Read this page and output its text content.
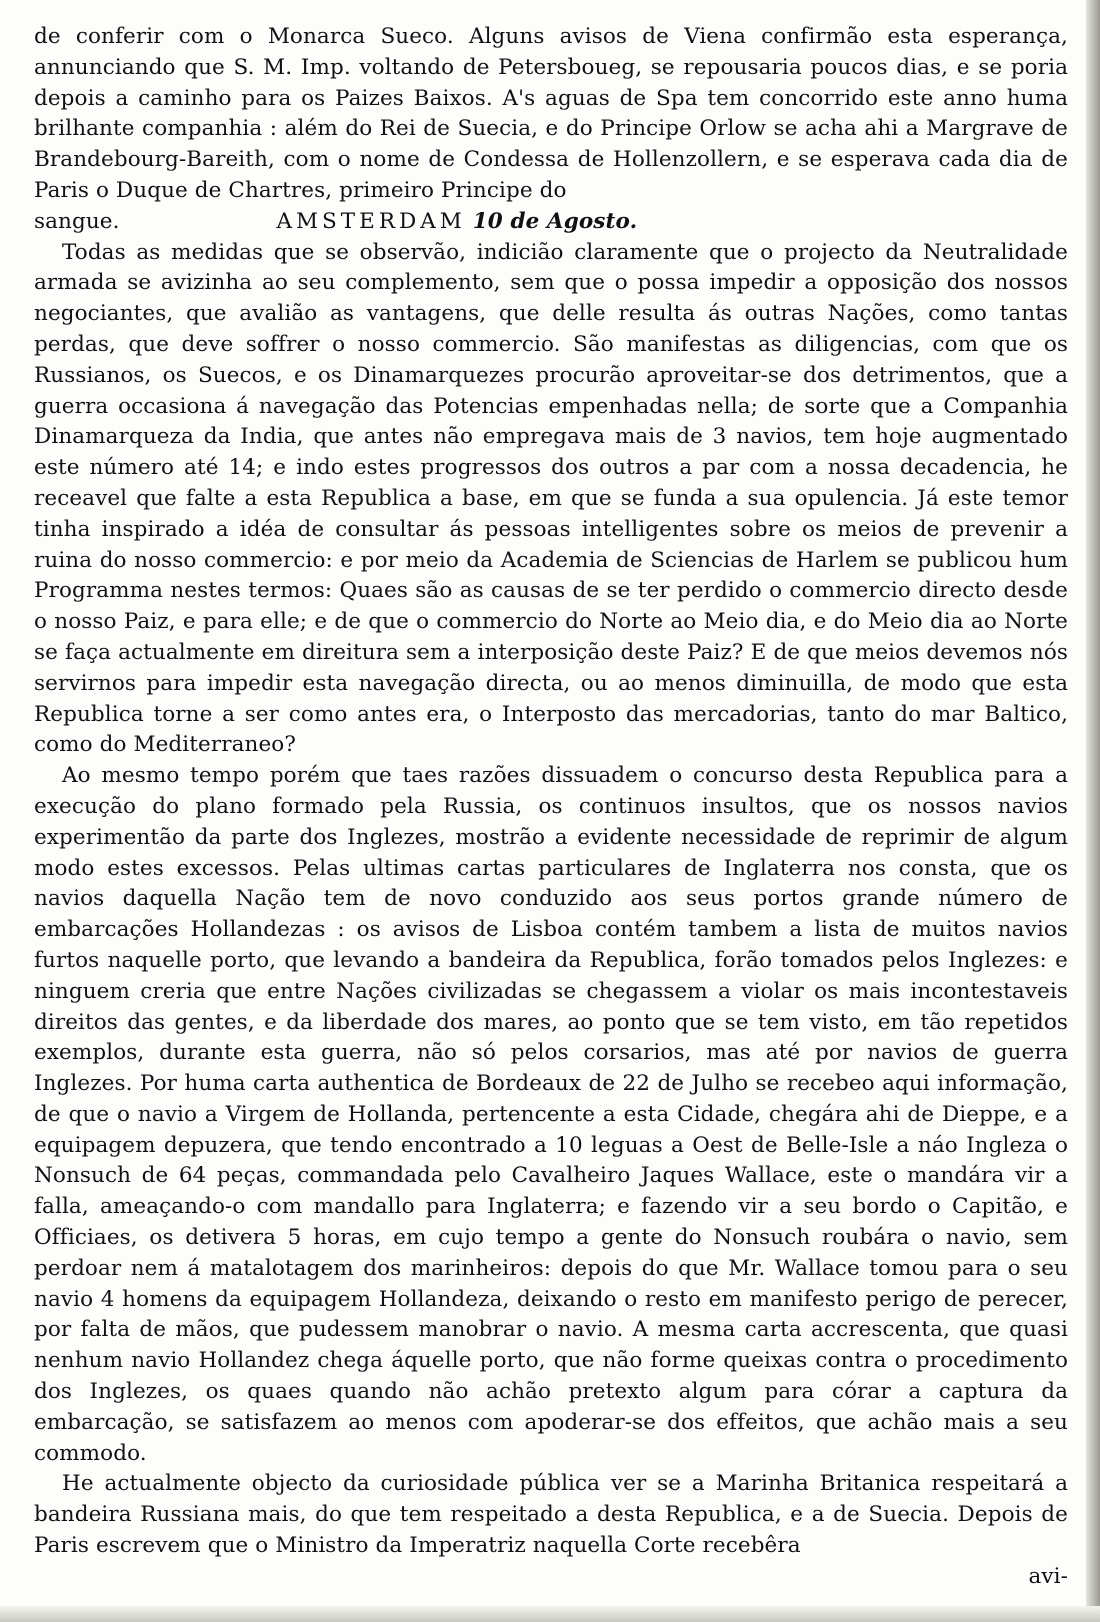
de conferir com o Monarca Sueco. Alguns avisos de Viena confirmão esta esperança, annunciando que S. M. Imp. voltando de Petersboueg, se repousaria poucos dias, e se poria depois a caminho para os Paizes Baixos. A's aguas de Spa tem concorrido este anno huma brilhante companhia : além do Rei de Suecia, e do Principe Orlow se acha ahi a Margrave de Brandebourg-Bareith, com o nome de Condessa de Hollenzollern, e se esperava cada dia de Paris o Duque de Chartres, primeiro Principe do

sangue.	AMSTERDAM 10 de Agosto.

Todas as medidas que se observão, indicião claramente que o projecto da Neutralidade armada se avizinha ao seu complemento, sem que o possa impedir a opposição dos nossos negociantes, que avalião as vantagens, que delle resulta ás outras Nações, como tantas perdas, que deve soffrer o nosso commercio. São manifestas as diligencias, com que os Russianos, os Suecos, e os Dinamarquezes procurão aproveitar-se dos detrimentos, que a guerra occasiona á navegação das Potencias empenhadas nella; de sorte que a Companhia Dinamarqueza da India, que antes não empregava mais de 3 navios, tem hoje augmentado este número até 14; e indo estes progressos dos outros a par com a nossa decadencia, he receavel que falte a esta Republica a base, em que se funda a sua opulencia. Já este temor tinha inspirado a idéa de consultar ás pessoas intelligentes sobre os meios de prevenir a ruina do nosso commercio: e por meio da Academia de Sciencias de Harlem se publicou hum Programma nestes termos: Quaes são as causas de se ter perdido o commercio directo desde o nosso Paiz, e para elle; e de que o commercio do Norte ao Meio dia, e do Meio dia ao Norte se faça actualmente em direitura sem a interposição deste Paiz? E de que meios devemos nós servirnos para impedir esta navegação directa, ou ao menos diminuilla, de modo que esta Republica torne a ser como antes era, o Interposto das mercadorias, tanto do mar Baltico, como do Mediterraneo?

Ao mesmo tempo porém que taes razões dissuadem o concurso desta Republica para a execução do plano formado pela Russia, os continuos insultos, que os nossos navios experimentão da parte dos Inglezes, mostrão a evidente necessidade de reprimir de algum modo estes excessos. Pelas ultimas cartas particulares de Inglaterra nos consta, que os navios daquella Nação tem de novo conduzido aos seus portos grande número de embarcações Hollandezas : os avisos de Lisboa contém tambem a lista de muitos navios furtos naquelle porto, que levando a bandeira da Republica, forão tomados pelos Inglezes: e ninguem creria que entre Nações civilizadas se chegassem a violar os mais incontestaveis direitos das gentes, e da liberdade dos mares, ao ponto que se tem visto, em tão repetidos exemplos, durante esta guerra, não só pelos corsarios, mas até por navios de guerra Inglezes. Por huma carta authentica de Bordeaux de 22 de Julho se recebeo aqui informação, de que o navio a Virgem de Hollanda, pertencente a esta Cidade, chegára ahi de Dieppe, e a equipagem depuzera, que tendo encontrado a 10 leguas a Oest de Belle-Isle a náo Ingleza o Nonsuch de 64 peças, commandada pelo Cavalheiro Jaques Wallace, este o mandára vir a falla, ameaçando-o com mandallo para Inglaterra; e fazendo vir a seu bordo o Capitão, e Officiaes, os detivera 5 horas, em cujo tempo a gente do Nonsuch roubára o navio, sem perdoar nem á matalotagem dos marinheiros: depois do que Mr. Wallace tomou para o seu navio 4 homens da equipagem Hollandeza, deixando o resto em manifesto perigo de perecer, por falta de mãos, que pudessem manobrar o navio. A mesma carta accrescenta, que quasi nenhum navio Hollandez chega áquelle porto, que não forme queixas contra o procedimento dos Inglezes, os quaes quando não achão pretexto algum para córar a captura da embarcação, se satisfazem ao menos com apoderar-se dos effeitos, que achão mais a seu commodo.

He actualmente objecto da curiosidade pública ver se a Marinha Britanica respeitará a bandeira Russiana mais, do que tem respeitado a desta Republica, e a de Suecia. Depois de Paris escrevem que o Ministro da Imperatriz naquella Corte recebêra

avi-
